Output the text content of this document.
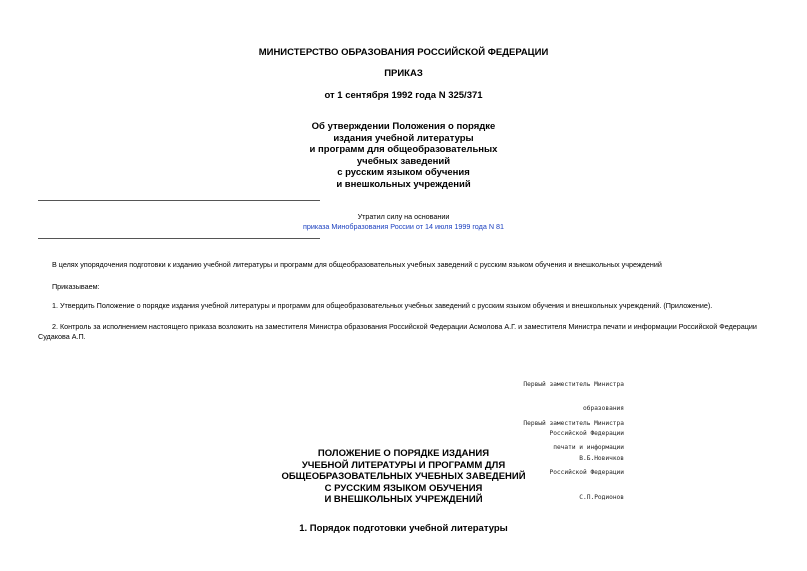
МИНИСТЕРСТВО ОБРАЗОВАНИЯ РОССИЙСКОЙ ФЕДЕРАЦИИ
ПРИКАЗ
от 1 сентября 1992 года N 325/371
Об утверждении Положения о порядке
издания учебной литературы
и программ для общеобразовательных
учебных заведений
с русским языком обучения
и внешкольных учреждений
Утратил силу на основании
приказа Минобразования России от 14 июля 1999 года N 81
В целях упорядочения подготовки к изданию учебной литературы и программ для общеобразовательных учебных заведений с русским языком обучения и внешкольных учреждений
Приказываем:
1. Утвердить Положение о порядке издания учебной литературы и программ для общеобразовательных учебных заведений с русским языком обучения и внешкольных учреждений. (Приложение).
2. Контроль за исполнением настоящего приказа возложить на заместителя Министра образования Российской Федерации Асмолова А.Г. и заместителя Министра печати и информации Российской Федерации
Судакова А.П.

Первый заместитель Министра

образования

Российской Федерации

В.Б.Новичков

Первый заместитель Министра

печати и информации

Российской Федерации

С.П.Родионов

ПОЛОЖЕНИЕ О ПОРЯДКЕ ИЗДАНИЯ
УЧЕБНОЙ ЛИТЕРАТУРЫ И ПРОГРАММ ДЛЯ
ОБЩЕОБРАЗОВАТЕЛЬНЫХ УЧЕБНЫХ ЗАВЕДЕНИЙ
С РУССКИМ ЯЗЫКОМ ОБУЧЕНИЯ
И ВНЕШКОЛЬНЫХ УЧРЕЖДЕНИЙ
1. Порядок подготовки учебной литературы
